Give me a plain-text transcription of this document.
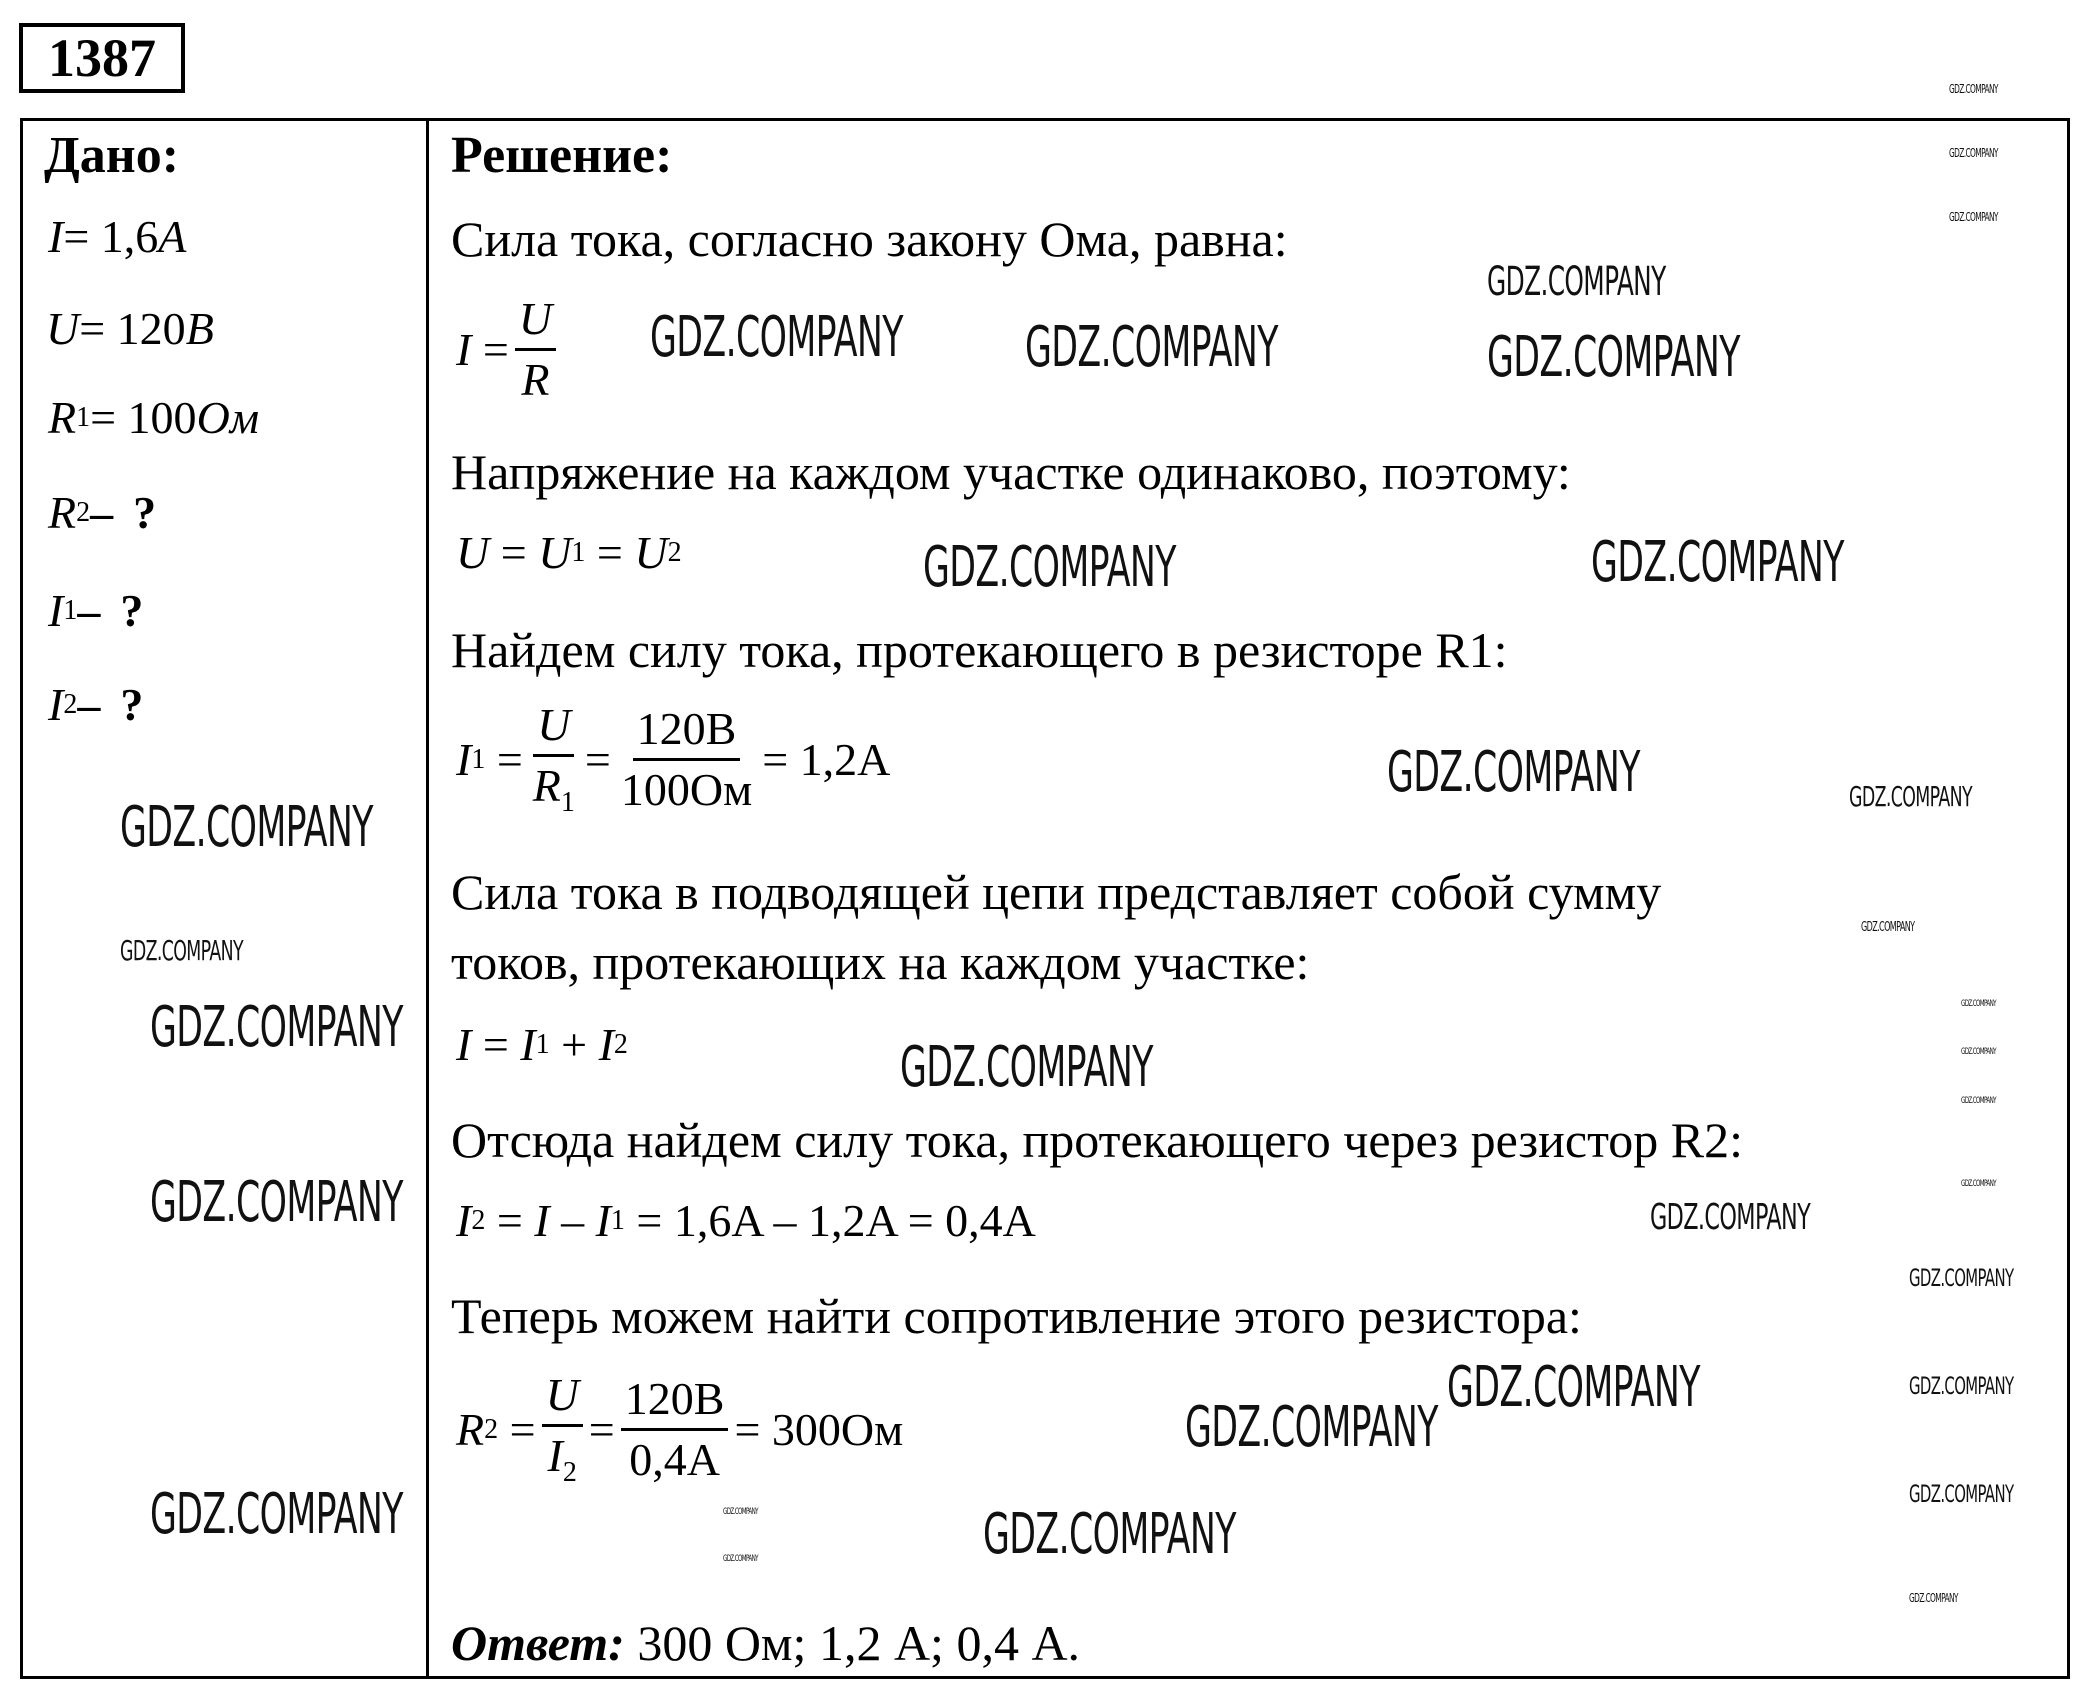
1387
Дано:
I = 1,6 A
U = 120 B
R 1 = 100 Ом
R 2 – ?
I 1 – ?
I 2 – ?
Решение:
Сила тока, согласно закону Ома, равна:
$I = \frac{U}{R}$
Напряжение на каждом участке одинаково, поэтому:
U = U 1 = U 2
Найдем силу тока, протекающего в резисторе R1:
I $1 = \frac{U}{R_1} = \frac{120B}{100Ом} = 1,2A$
Сила тока в подводящей цепи представляет собой сумму
токов, протекающих на каждом участке:
I = I 1 + I 2
Отсюда найдем силу тока, протекающего через резистор R2:
I 2 = I – I 1 = 1,6A – 1,2A = 0,4A
Теперь можем найти сопротивление этого резистора:
R $2 = \frac{U}{I_2} = \frac{120B}{0,4A} = 300Ом$
Ответ: 300 Ом; 1,2 А; 0,4 А.
GDZ.COMPANY GDZ.COMPANY	GDZ.COMPANY
GDZ.COMPANY
GDZ.COMPANY	GDZ.COMPANY
GDZ.COMPANY
GDZ.COMPANY
GDZ.COMPANY
GDZ.COMPANY
GDZ.COMPANY
GDZ.COMPANY
GDZ.COMPANY
GDZ.COMPANY
GDZ.COMPANY
GDZ.COMPANY
GDZ.COMPANY
GDZ.COMPANY
GDZ.COMPANY
GDZ.COMPANY
GDZ.COMPANY
GDZ.COMPANY
GDZ.COMPANY
GDZ.COMPANY
GDZ.COMPANY
GDZ.COMPANY
GDZ.COMPANY
GDZ.COMPANY
GDZ.COMPANY
GDZ.COMPANY
GDZ.COMPANY
GDZ.COMPANY
